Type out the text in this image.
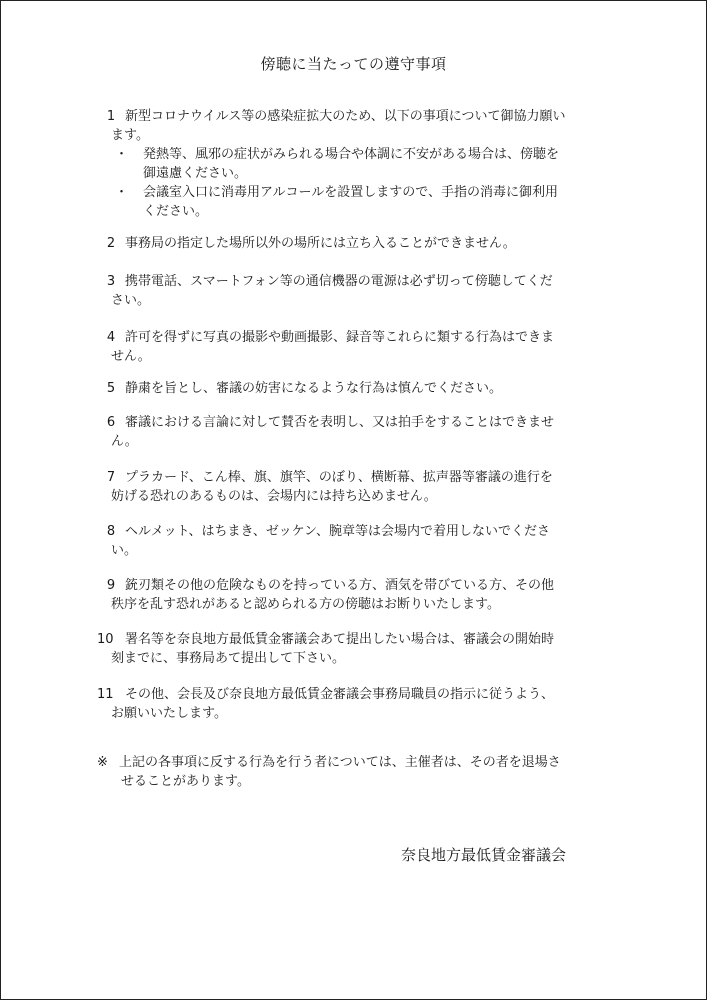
傍聴に当たっての遵守事項
1 新型コロナウイルス等の感染症拡大のため、以下の事項について御協力願い
ます。
・ 発熱等、風邪の症状がみられる場合や体調に不安がある場合は、傍聴を
御遠慮ください。
・ 会議室入口に消毒用アルコールを設置しますので、手指の消毒に御利用
ください。
2 事務局の指定した場所以外の場所には立ち入ることができません。
3 携帯電話、スマートフォン等の通信機器の電源は必ず切って傍聴してくだ
さい。
4 許可を得ずに写真の撮影や動画撮影、録音等これらに類する行為はできま
せん。
5 静粛を旨とし、審議の妨害になるような行為は慎んでください。
6 審議における言論に対して賛否を表明し、又は拍手をすることはできませ
ん。
7 プラカード、こん棒、旗、旗竿、のぼり、横断幕、拡声器等審議の進行を
妨げる恐れのあるものは、会場内には持ち込めません。
8 ヘルメット、はちまき、ゼッケン、腕章等は会場内で着用しないでくださ
い。
9 銃刃類その他の危険なものを持っている方、酒気を帯びている方、その他
秩序を乱す恐れがあると認められる方の傍聴はお断りいたします。
10 署名等を奈良地方最低賃金審議会あて提出したい場合は、審議会の開始時
刻までに、事務局あて提出して下さい。
11 その他、会長及び奈良地方最低賃金審議会事務局職員の指示に従うよう、
お願いいたします。
※ 上記の各事項に反する行為を行う者については、主催者は、その者を退場さ
せることがあります。
奈良地方最低賃金審議会
